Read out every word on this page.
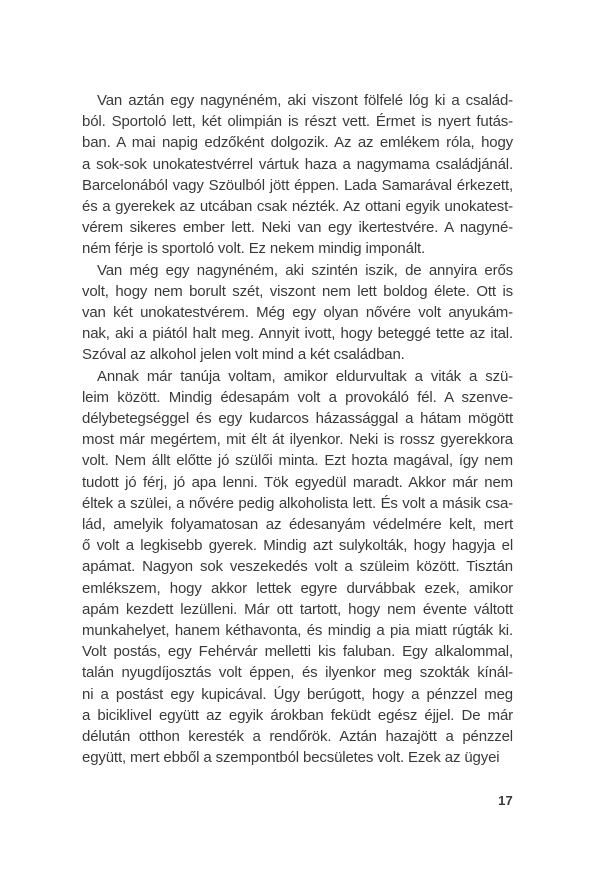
Van aztán egy nagynéném, aki viszont fölfelé lóg ki a család-
ból. Sportoló lett, két olimpián is részt vett. Érmet is nyert futás-
ban. A mai napig edzőként dolgozik. Az az emlékem róla, hogy
a sok-sok unokatestvérrel vártuk haza a nagymama családjánál.
Barcelonából vagy Szöulból jött éppen. Lada Samarával érkezett,
és a gyerekek az utcában csak nézték. Az ottani egyik unokatest-
vérem sikeres ember lett. Neki van egy ikertestvére. A nagyné-
ném férje is sportoló volt. Ez nekem mindig imponált.
Van még egy nagynéném, aki szintén iszik, de annyira erős
volt, hogy nem borult szét, viszont nem lett boldog élete. Ott is
van két unokatestvérem. Még egy olyan nővére volt anyukám-
nak, aki a piától halt meg. Annyit ivott, hogy beteggé tette az ital.
Szóval az alkohol jelen volt mind a két családban.
Annak már tanúja voltam, amikor eldurvultak a viták a szü-
leim között. Mindig édesapám volt a provokáló fél. A szenve-
délybetegséggel és egy kudarcos házassággal a hátam mögött
most már megértem, mit élt át ilyenkor. Neki is rossz gyerekkora
volt. Nem állt előtte jó szülői minta. Ezt hozta magával, így nem
tudott jó férj, jó apa lenni. Tök egyedül maradt. Akkor már nem
éltek a szülei, a nővére pedig alkoholista lett. És volt a másik csa-
lád, amelyik folyamatosan az édesanyám védelmére kelt, mert
ő volt a legkisebb gyerek. Mindig azt sulykolták, hogy hagyja el
apámat. Nagyon sok veszekedés volt a szüleim között. Tisztán
emlékszem, hogy akkor lettek egyre durvábbak ezek, amikor
apám kezdett lezülleni. Már ott tartott, hogy nem évente váltott
munkahelyet, hanem kéthavonta, és mindig a pia miatt rúgták ki.
Volt postás, egy Fehérvár melletti kis faluban. Egy alkalommal,
talán nyugdíjosztás volt éppen, és ilyenkor meg szokták kínál-
ni a postást egy kupicával. Úgy berúgott, hogy a pénzzel meg
a biciklivel együtt az egyik árokban feküdt egész éjjel. De már
délután otthon keresték a rendőrök. Aztán hazajött a pénzzel
együtt, mert ebből a szempontból becsületes volt. Ezek az ügyei
17
